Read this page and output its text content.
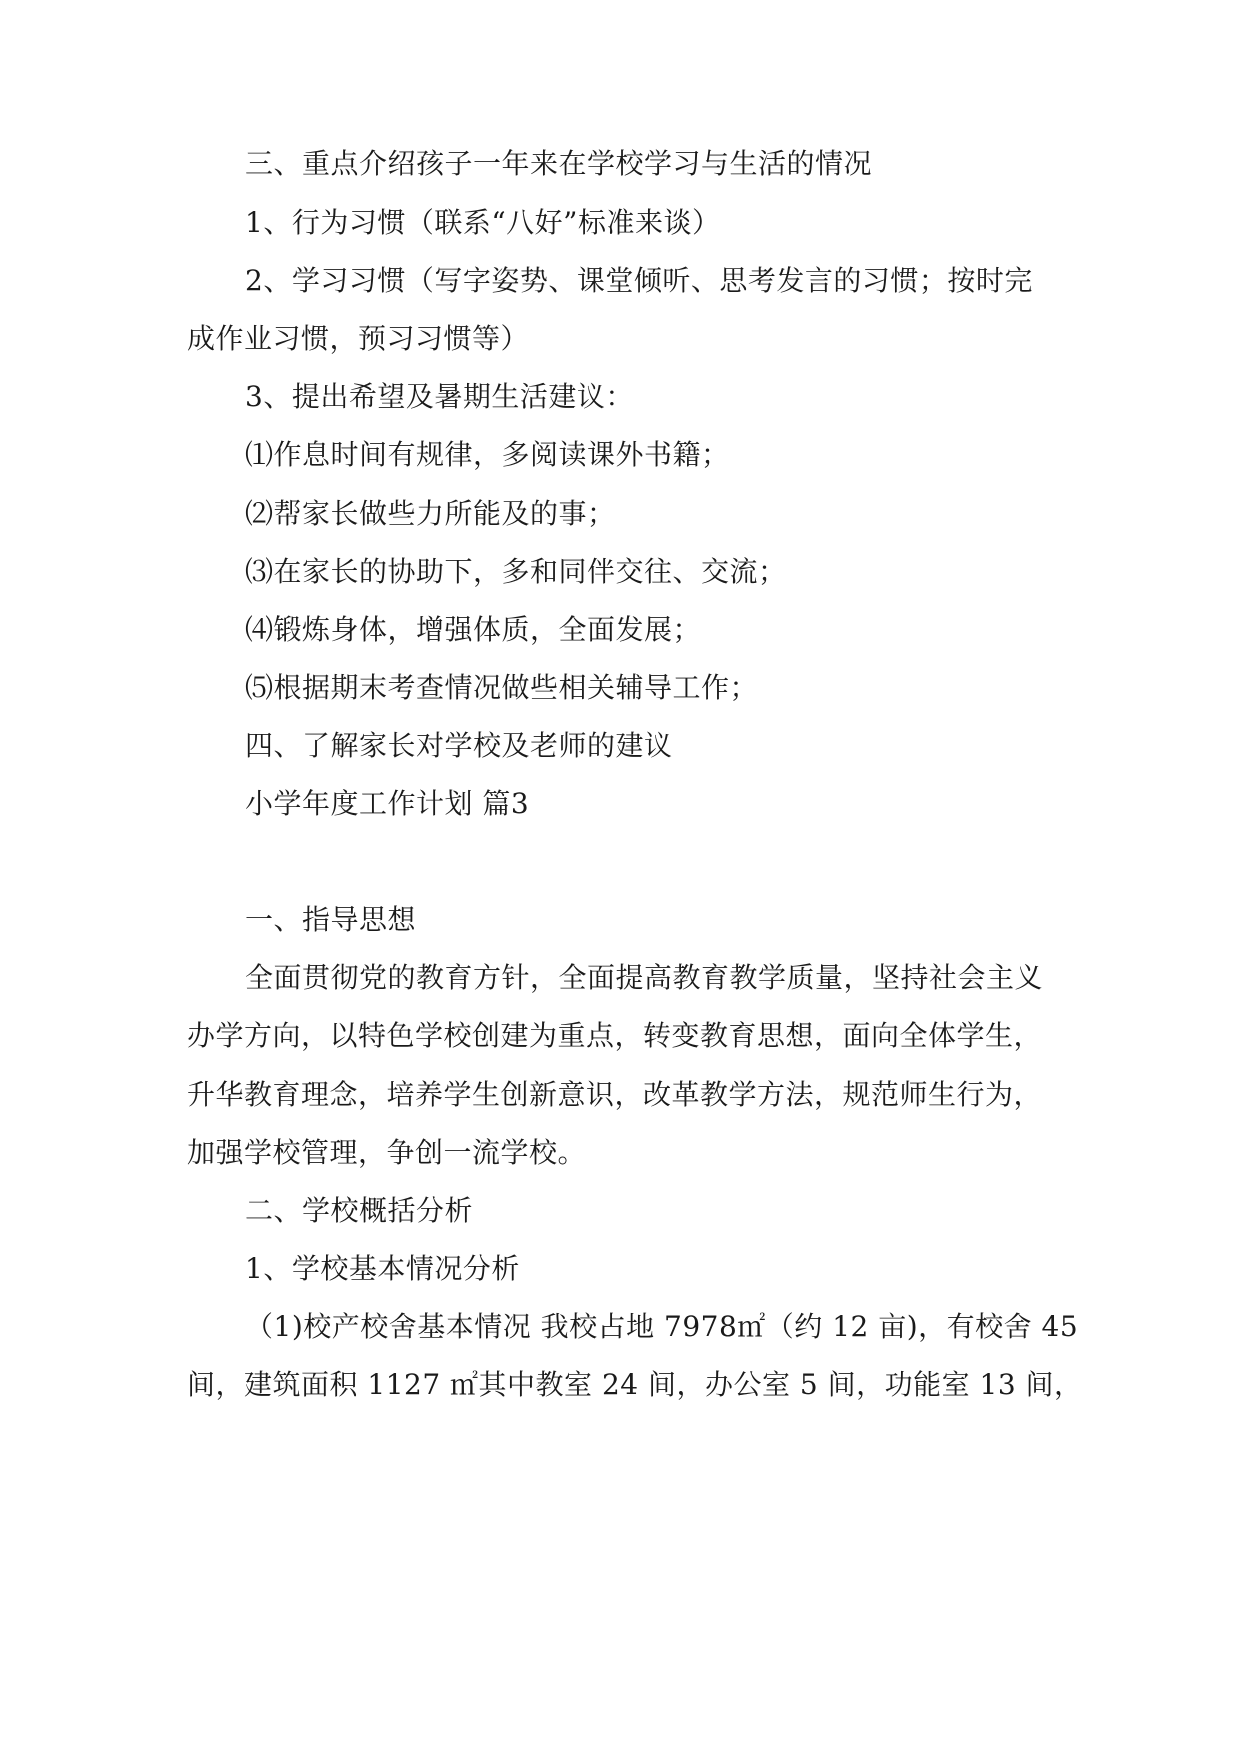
三、重点介绍孩子一年来在学校学习与生活的情况
1、行为习惯（联系“八好”标准来谈）
2、学习习惯（写字姿势、课堂倾听、思考发言的习惯；按时完
成作业习惯，预习习惯等）
3、提出希望及暑期生活建议：
⑴作息时间有规律，多阅读课外书籍；
⑵帮家长做些力所能及的事；
⑶在家长的协助下，多和同伴交往、交流；
⑷锻炼身体，增强体质，全面发展；
⑸根据期末考查情况做些相关辅导工作；
四、了解家长对学校及老师的建议
小学年度工作计划 篇3
一、指导思想
全面贯彻党的教育方针，全面提高教育教学质量，坚持社会主义
办学方向，以特色学校创建为重点，转变教育思想，面向全体学生，
升华教育理念，培养学生创新意识，改革教学方法，规范师生行为，
加强学校管理，争创一流学校。
二、学校概括分析
1、学校基本情况分析
（1)校产校舍基本情况 我校占地 7978㎡（约 12 亩)，有校舍 45
间，建筑面积 1127 ㎡其中教室 24 间，办公室 5 间，功能室 13 间，
